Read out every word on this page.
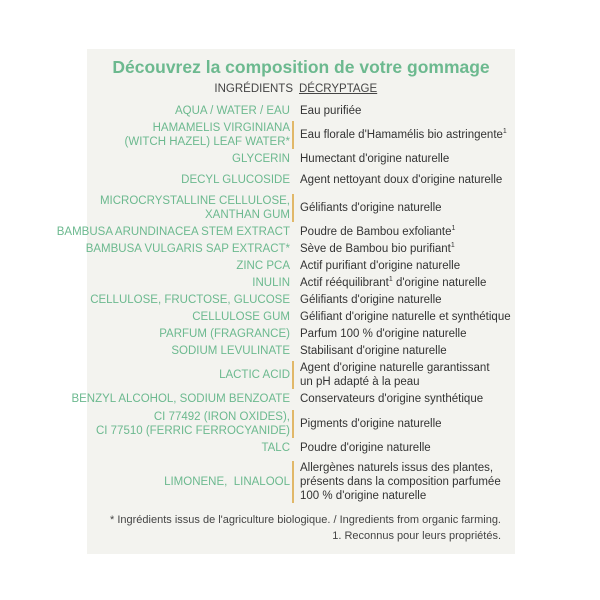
Découvrez la composition de votre gommage
INGRÉDIENTS DÉCRYPTAGE
AQUA / WATER / EAU Eau purifiée
HAMAMELIS VIRGINIANA
(WITCH HAZEL) LEAF WATER*
Eau florale d'Hamamélis bio astringente$^1$
GLYCERIN Humectant d'origine naturelle
DECYL GLUCOSIDE Agent nettoyant doux d'origine naturelle
MICROCRYSTALLINE CELLULOSE,
XANTHAN GUM
Gélifiants d'origine naturelle
BAMBUSA ARUNDINACEA STEM EXTRACT Poudre de Bambou exfoliante$^1$
BAMBUSA VULGARIS SAP EXTRACT* Sève de Bambou bio purifiant$^1$
ZINC PCA Actif purifiant d'origine naturelle
INULIN Actif rééquilibrant$^1$ d'origine naturelle
CELLULOSE, FRUCTOSE, GLUCOSE Gélifiants d'origine naturelle
CELLULOSE GUM Gélifiant d'origine naturelle et synthétique
PARFUM (FRAGRANCE) Parfum 100 % d'origine naturelle
SODIUM LEVULINATE Stabilisant d'origine naturelle
LACTIC ACID
Agent d'origine naturelle garantissant
un pH adapté à la peau
BENZYL ALCOHOL, SODIUM BENZOATE Conservateurs d'origine synthétique
CI 77492 (IRON OXIDES),
CI 77510 (FERRIC FERROCYANIDE)
Pigments d'origine naturelle
TALC Poudre d'origine naturelle
LIMONENE,  LINALOOL
Allergènes naturels issus des plantes,
présents dans la composition parfumée
100 % d'origine naturelle
* Ingrédients issus de l'agriculture biologique. / Ingredients from organic farming.
1. Reconnus pour leurs propriétés.
